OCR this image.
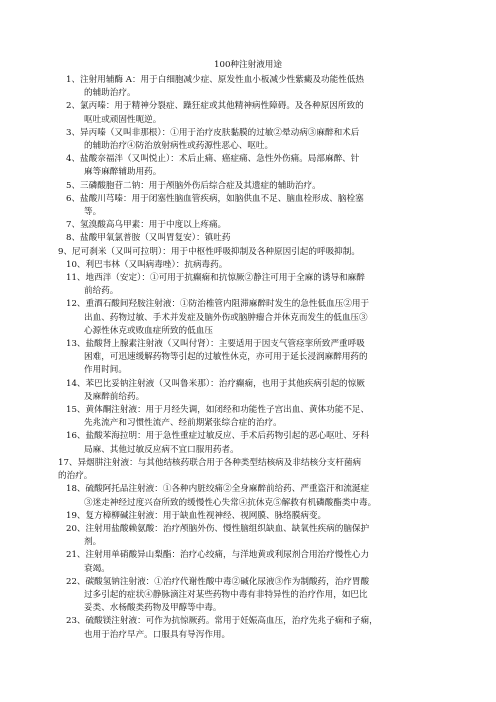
100种注射液用途
1、注射用辅酶 A：用于白细胞减少症、原发性血小板减少性紫癜及功能性低热
的辅助治疗。
2、氯丙嗪：用于精神分裂症、躁狂症或其他精神病性障碍。及各种原因所致的
呕吐或顽固性呃逆。
3、异丙嗪（又叫非那根）：①用于治疗皮肤黏膜的过敏②晕动病③麻醉和术后
的辅助治疗④防治放射病性或药源性恶心、呕吐。
4、盐酸奈福泮（又叫悦止）：术后止痛、癌症痛、急性外伤痛。局部麻醉、针
麻等麻醉辅助用药。
5、三磷酸胞苷二钠：用于颅脑外伤后综合症及其遗症的辅助治疗。
6、盐酸川芎嗪：用于闭塞性脑血管疾病，如脑供血不足、脑血栓形成、脑栓塞
等。
7、氢溴酸高乌甲素：用于中度以上疼痛。
8、盐酸甲氧氯普胺（又叫胃复安）：镇吐药
9、尼可刹米（又叫可拉明）：用于中枢性呼吸抑制及各种原因引起的呼吸抑制。
10、利巴韦林（又叫病毒唑）：抗病毒药。
11、地西泮（安定）：①可用于抗癫痫和抗惊厥②静注可用于全麻的诱导和麻醉
前给药。
12、重酒石酸间羟胺注射液：①防治椎管内阻滞麻醉时发生的急性低血压②用于
出血、药物过敏、手术并发症及脑外伤或脑肿瘤合并休克而发生的低血压③
心源性休克或败血症所致的低血压
13、盐酸肾上腺素注射液（又叫付肾）：主要适用于因支气管痉挛所致严重呼吸
困难，可迅速缓解药物等引起的过敏性休克，亦可用于延长浸润麻醉用药的
作用时间。
14、苯巴比妥钠注射液（又叫鲁米那）：治疗癫痫，也用于其他疾病引起的惊厥
及麻醉前给药。
15、黄体酮注射液：用于月经失调，如闭经和功能性子宫出血、黄体功能不足、
先兆流产和习惯性流产、经前期紧张综合症的治疗。
16、盐酸苯海拉明：用于急性重症过敏反应、手术后药物引起的恶心呕吐、牙科
局麻、其他过敏反应病不宜口服用药者。
17、异烟肼注射液：与其他结核药联合用于各种类型结核病及非结核分支杆菌病
的治疗。
18、硫酸阿托品注射液：①各种内脏绞痛②全身麻醉前给药、严重盗汗和流涎症
③迷走神经过度兴奋所致的缓慢性心失常④抗休克⑤解救有机磷酸酯类中毒。
19、复方樟柳碱注射液：用于缺血性视神经、视网膜、脉络膜病变。
20、注射用盐酸赖氨酸：治疗颅脑外伤、慢性脑组织缺血、缺氧性疾病的脑保护
剂。
21、注射用单硝酸异山梨酯：治疗心绞痛，与洋地黄或利尿剂合用治疗慢性心力
衰竭。
22、碳酸氢钠注射液：①治疗代谢性酸中毒②碱化尿液③作为制酸药，治疗胃酸
过多引起的症状④静脉滴注对某些药物中毒有非特异性的治疗作用，如巴比
妥类、水杨酸类药物及甲醇等中毒。
23、硫酸镁注射液：可作为抗惊厥药。常用于妊娠高血压，治疗先兆子痫和子痫，
也用于治疗早产。口服具有导泻作用。
